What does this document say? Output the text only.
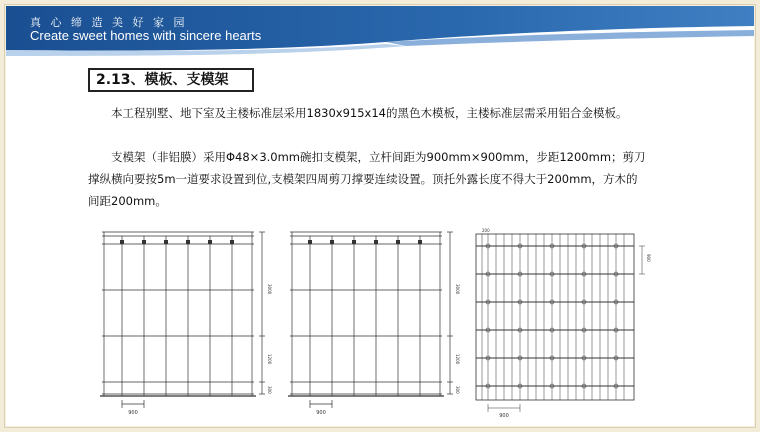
真 心 缔 造 美 好 家 园
Create sweet homes with sincere hearts
2.13、模板、支模架
本工程别墅、地下室及主楼标准层采用1830x915x14的黑色木模板，主楼标准层需采用铝合金模板。
支模架（非铝膜）采用Φ48×3.0mm碗扣支模架，立杆间距为900mm×900mm，步距1200mm；剪刀撑纵横向要按5m一道要求设置到位,支模架四周剪刀撑要连续设置。顶托外露长度不得大于200mm，方木的间距200mm。
900
3000
1200
300
900
3000
1200
300
200
900
900
